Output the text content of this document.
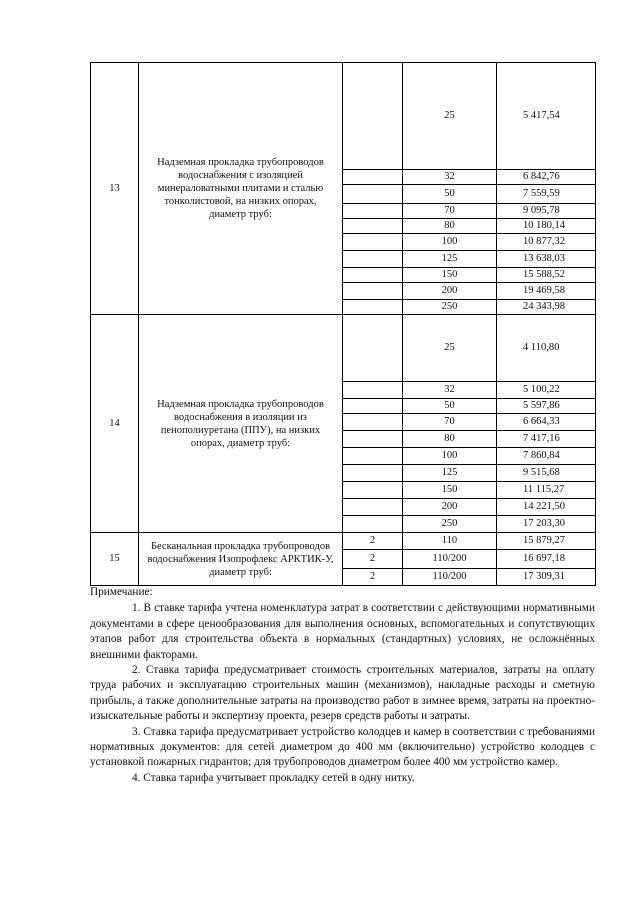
13	Надземная прокладка трубопроводов водоснабжения с изоляцией минераловатными плитами и сталью тонколистовой, на низких опорах, диаметр труб:		25	5 417,54
			32	6 842,76
			50	7 559,59
			70	9 095,78
			80	10 180,14
			100	10 877,32
			125	13 638,03
			150	15 588,52
			200	19 469,58
			250	24 343,98
14	Надземная прокладка трубопроводов водоснабжения в изоляции из пенополиуретана (ППУ), на низких опорах, диаметр труб:		25	4 110,80
			32	5 100,22
			50	5 597,86
			70	6 664,33
			80	7 417,16
			100	7 860,84
			125	9 515,68
			150	11 115,27
			200	14 221,50
			250	17 203,30
15	Бесканальная прокладка трубопроводов водоснабжения Изопрофлекс АРКТИК-У, диаметр труб:	2	110	15 879,27
		2	110/200	16 697,18
		2	110/200	17 309,31
Примечание:

1. В ставке тарифа учтена номенклатура затрат в соответствии с действующими нормативными документами в сфере ценообразования для выполнения основных, вспомогательных и сопутствующих этапов работ для строительства объекта в нормальных (стандартных) условиях, не осложнённых внешними факторами.

2. Ставка тарифа предусматривает стоимость строительных материалов, затраты на оплату труда рабочих и эксплуатацию строительных машин (механизмов), накладные расходы и сметную прибыль, а также дополнительные затраты на производство работ в зимнее время, затраты на проектно-изыскательные работы и экспертизу проекта, резерв средств работы и затраты.

3. Ставка тарифа предусматривает устройство колодцев и камер в соответствии с требованиями нормативных документов: для сетей диаметром до 400 мм (включительно) устройство колодцев с установкой пожарных гидрантов; для трубопроводов диаметром более 400 мм устройство камер.

4. Ставка тарифа учитывает прокладку сетей в одну нитку.
